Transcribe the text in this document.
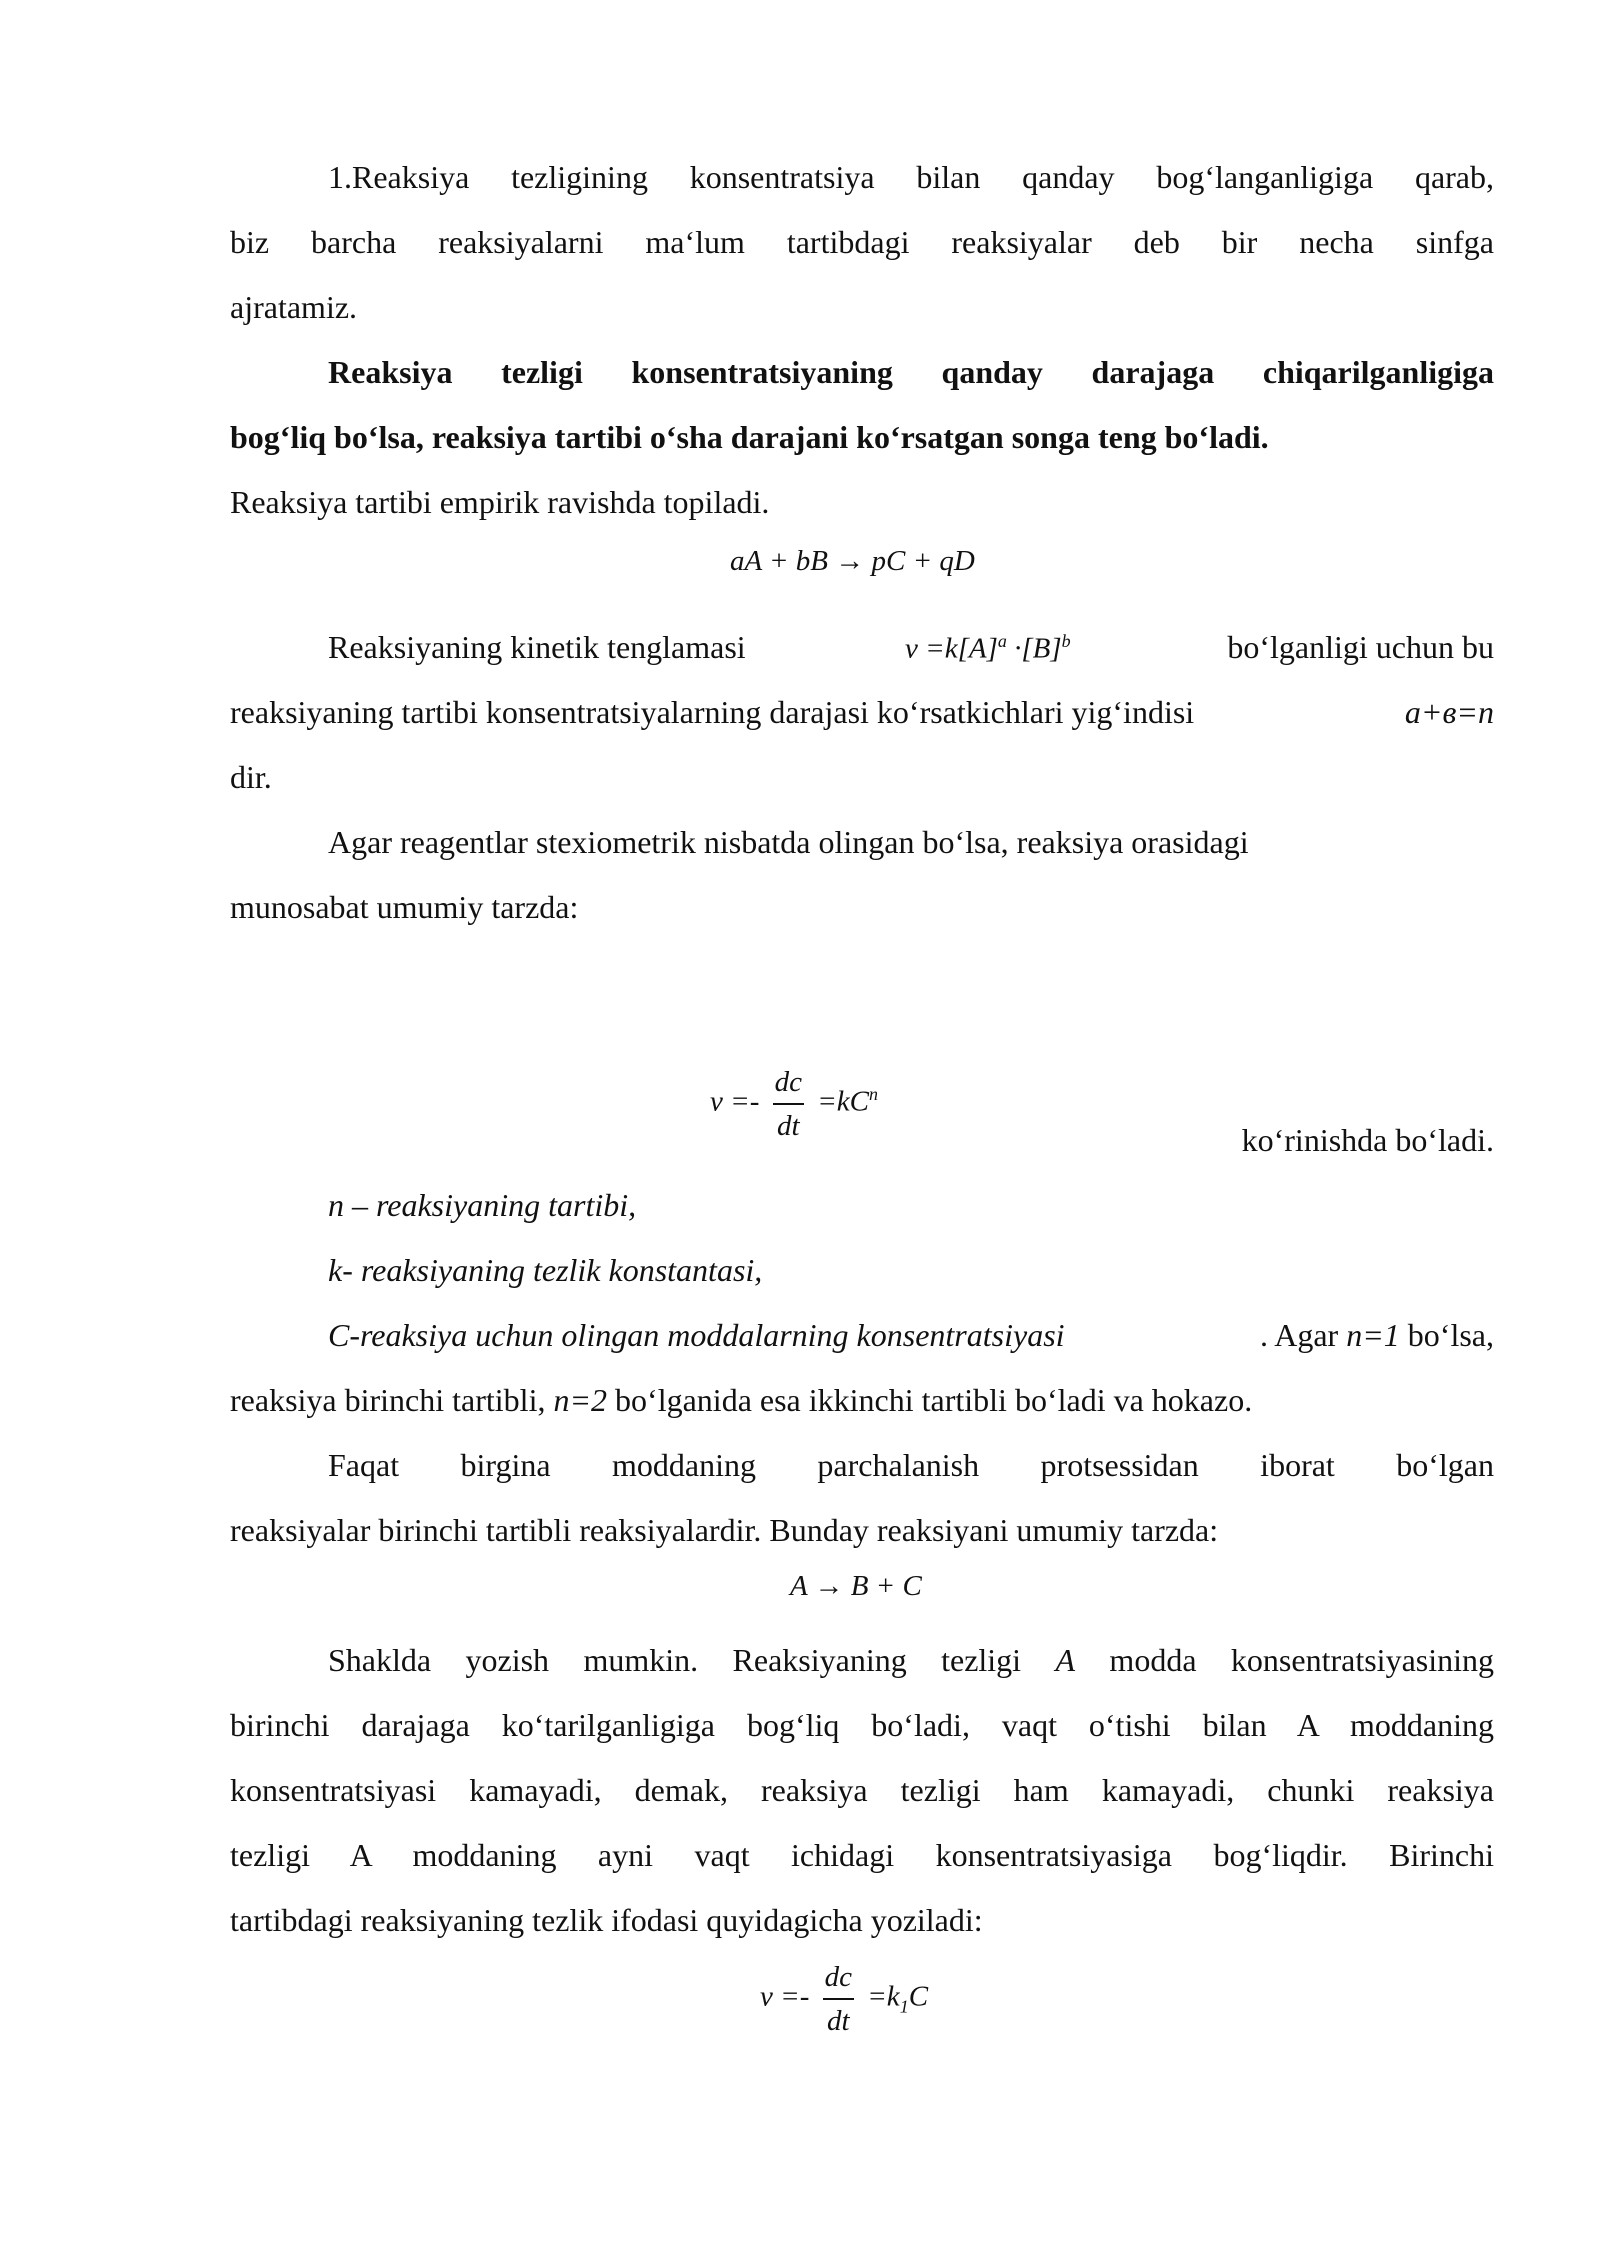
1.Reaksiya tezligining konsentratsiya bilan qanday bog‘langanligiga qarab,
biz barcha reaksiyalarni ma‘lum tartibdagi reaksiyalar deb bir necha sinfga
ajratamiz.
Reaksiya tezligi konsentratsiyaning qanday darajaga chiqarilganligiga
bog‘liq bo‘lsa, reaksiya tartibi o‘sha darajani ko‘rsatgan songa teng bo‘ladi.
Reaksiya tartibi empirik ravishda topiladi.
aA + bB → pC + qD
Reaksiyaning kinetik tenglamasi	$v =k[A]^a \cdot[B]^b$	bo‘lganligi uchun bu
reaksiyaning tartibi konsentratsiyalarning darajasi ko‘rsatkichlari yig‘indisi	a+в=n
dir.
Agar reagentlar stexiometrik nisbatda olingan bo‘lsa, reaksiya orasidagi
munosabat umumiy tarzda:
$v =- \frac{dc}{dt} =kC^n$
ko‘rinishda bo‘ladi.
n – reaksiyaning tartibi,
k- reaksiyaning tezlik konstantasi,
C-reaksiya uchun olingan moddalarning konsentratsiyasi	. Agar n=1 bo‘lsa,
reaksiya birinchi tartibli, n=2 bo‘lganida esa ikkinchi tartibli bo‘ladi va hokazo.
Faqat birgina moddaning parchalanish protsessidan iborat bo‘lgan
reaksiyalar birinchi tartibli reaksiyalardir. Bunday reaksiyani umumiy tarzda:
A → B + C
Shaklda yozish mumkin. Reaksiyaning tezligi A modda konsentratsiyasining
birinchi darajaga ko‘tarilganligiga bog‘liq bo‘ladi, vaqt o‘tishi bilan A moddaning
konsentratsiyasi kamayadi, demak, reaksiya tezligi ham kamayadi, chunki reaksiya
tezligi A moddaning ayni vaqt ichidagi konsentratsiyasiga bog‘liqdir. Birinchi
tartibdagi reaksiyaning tezlik ifodasi quyidagicha yoziladi:
$v =- \frac{dc}{dt} =k_1C$
